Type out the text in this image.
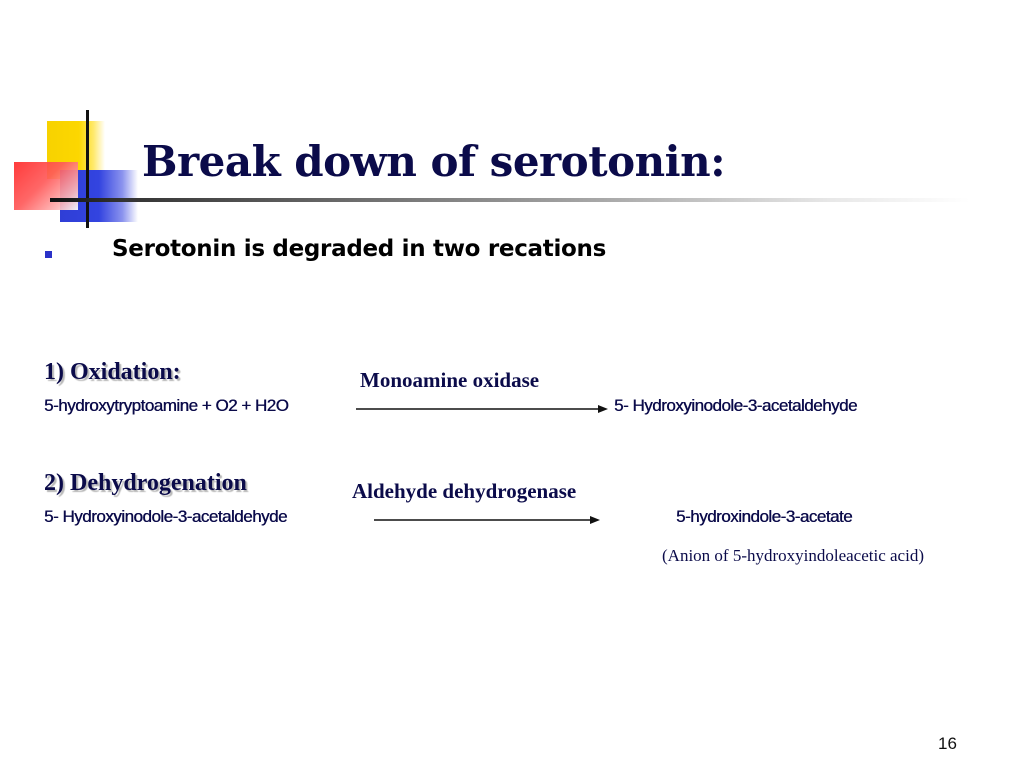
Break down of serotonin:
Serotonin is degraded in two recations
1) Oxidation:	Monoamine oxidase
5-hydroxytryptoamine + O2 + H2O	5- Hydroxyinodole-3-acetaldehyde
2) Dehydrogenation	Aldehyde dehydrogenase
5- Hydroxyinodole-3-acetaldehyde	5-hydroxindole-3-acetate
(Anion of 5-hydroxyindoleacetic acid)
16
